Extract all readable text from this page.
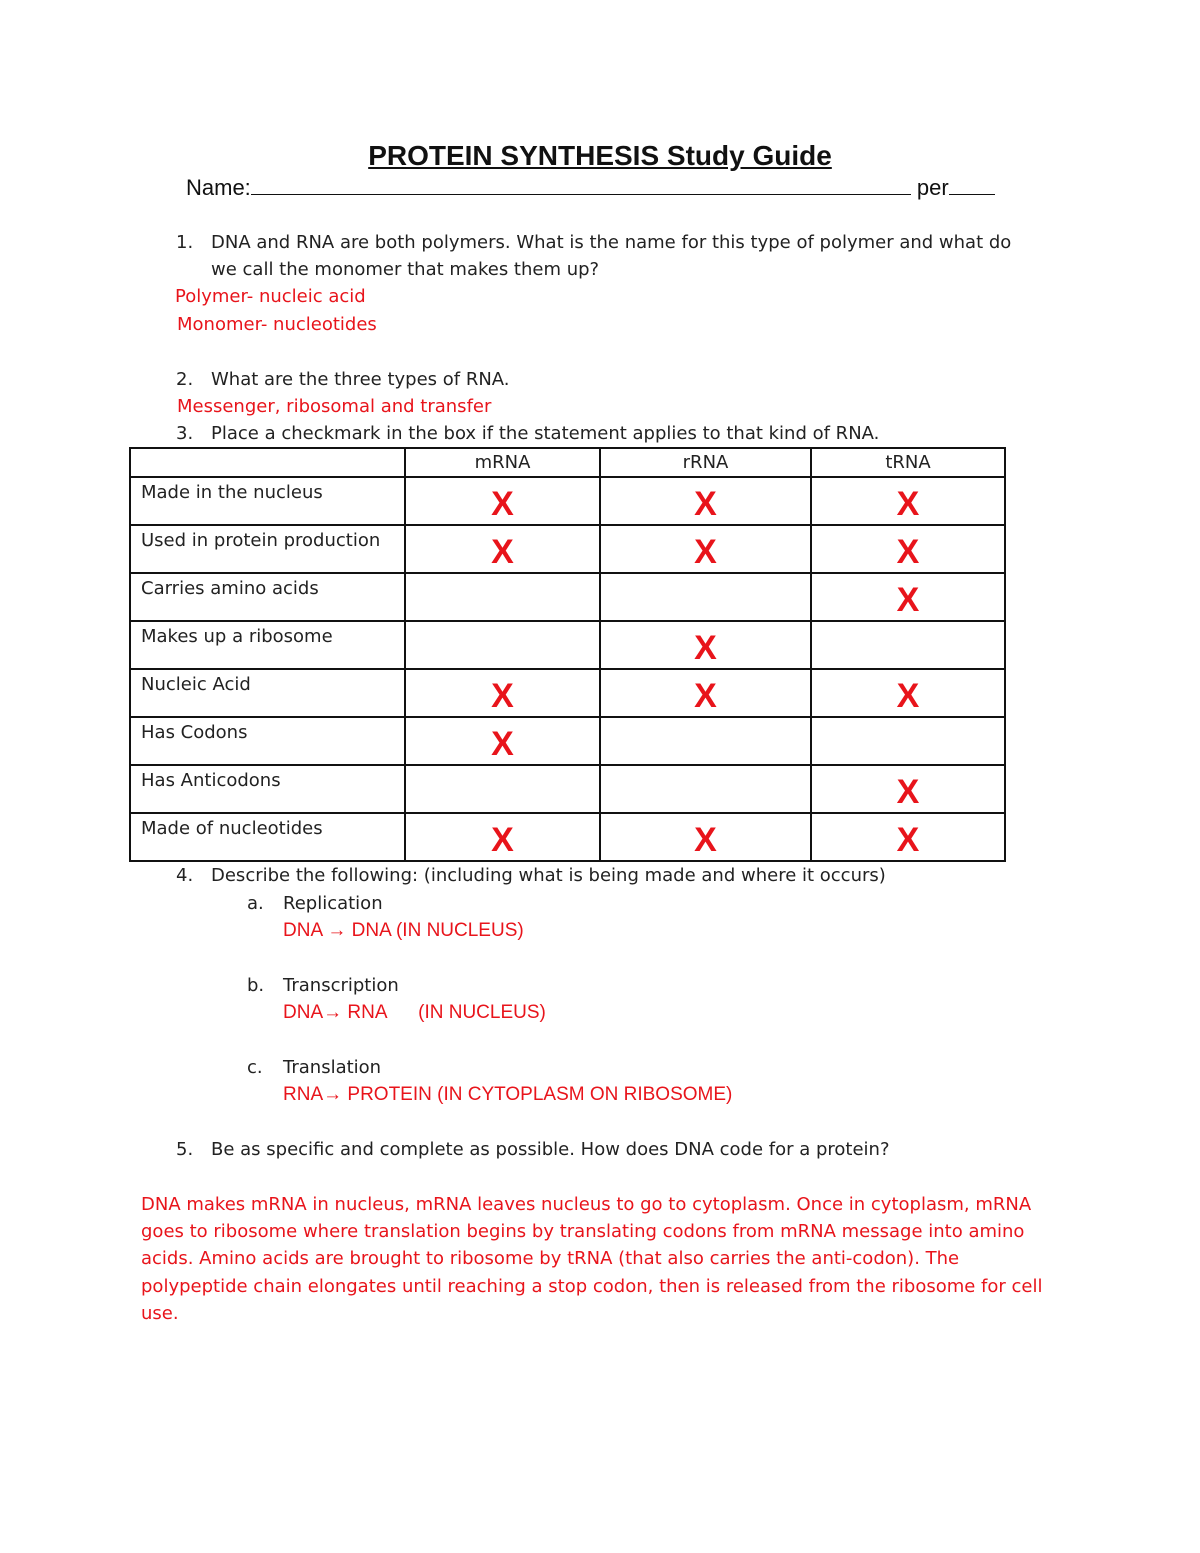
PROTEIN SYNTHESIS Study Guide
Name:	per
1. DNA and RNA are both polymers. What is the name for this type of polymer and what do
we call the monomer that makes them up?
Polymer- nucleic acid
Monomer- nucleotides
2. What are the three types of RNA.
Messenger, ribosomal and transfer
3. Place a checkmark in the box if the statement applies to that kind of RNA.
	mRNA	rRNA	tRNA
Made in the nucleus	X	X	X

Used in protein production	X	X	X

Carries amino acids			X

Makes up a ribosome		X	

Nucleic Acid	X	X	X

Has Codons	X		

Has Anticodons			X

Made of nucleotides	X	X	X
4. Describe the following: (including what is being made and where it occurs)
a. Replication
DNA → DNA (IN NUCLEUS)
b. Transcription
DNA→ RNA      (IN NUCLEUS)
c. Translation
RNA→ PROTEIN (IN CYTOPLASM ON RIBOSOME)
5. Be as specific and complete as possible. How does DNA code for a protein?
DNA makes mRNA in nucleus, mRNA leaves nucleus to go to cytoplasm. Once in cytoplasm, mRNA
goes to ribosome where translation begins by translating codons from mRNA message into amino
acids. Amino acids are brought to ribosome by tRNA (that also carries the anti-codon). The
polypeptide chain elongates until reaching a stop codon, then is released from the ribosome for cell
use.
